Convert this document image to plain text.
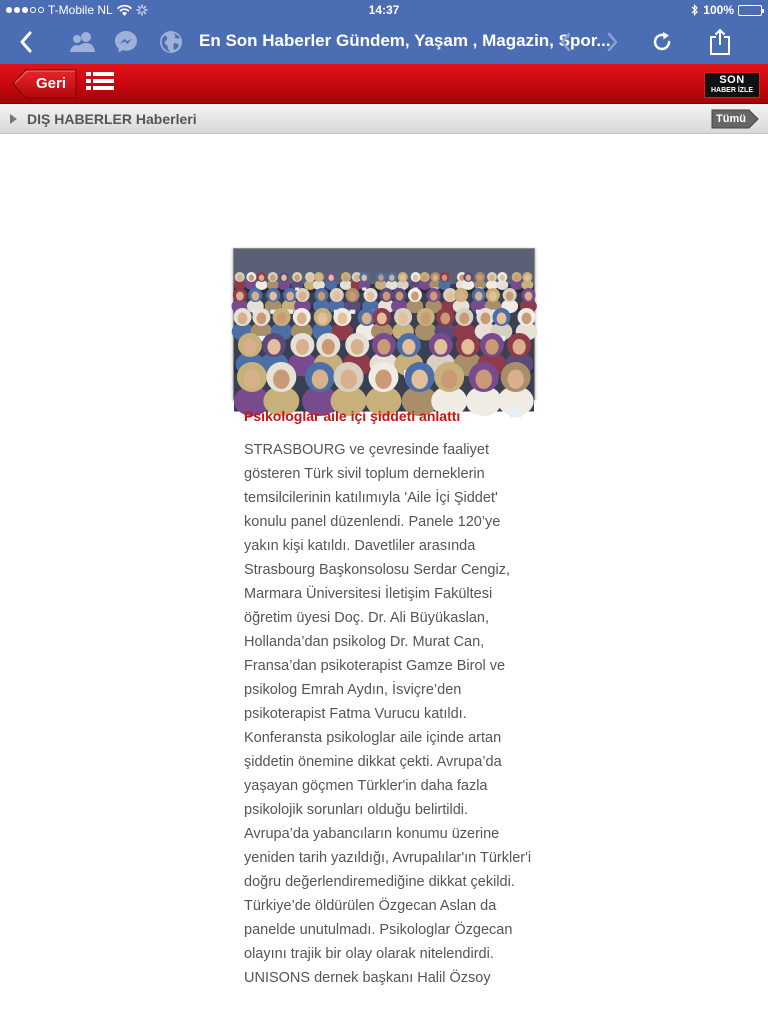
T-Mobile NL	14:37	100%
En Son Haberler Gündem, Yaşam , Magazin, Spor...
Geri	SON
HABER İZLE
DIŞ HABERLER Haberleri	Tümü
Psikologlar aile içi şiddeti anlattı

STRASBOURG ve çevresinde faaliyet gösteren Türk sivil toplum derneklerin temsilcilerinin katılımıyla 'Aile İçi Şiddet' konulu panel düzenlendi. Panele 120’ye yakın kişi katıldı. Davetliler arasında Strasbourg Başkonsolosu Serdar Cengiz, Marmara Üniversitesi İletişim Fakültesi öğretim üyesi Doç. Dr. Ali Büyükaslan, Hollanda’dan psikolog Dr. Murat Can, Fransa’dan psikoterapist Gamze Birol ve psikolog Emrah Aydın, İsviçre’den psikoterapist Fatma Vurucu katıldı.

Konferansta psikologlar aile içinde artan şiddetin önemine dikkat çekti. Avrupa’da yaşayan göçmen Türkler'in daha fazla psikolojik sorunları olduğu belirtildi. Avrupa’da yabancıların konumu üzerine yeniden tarih yazıldığı, Avrupalılar'ın Türkler'i doğru değerlendiremediğine dikkat çekildi.

Türkiye’de öldürülen Özgecan Aslan da panelde unutulmadı. Psikologlar Özgecan olayını trajik bir olay olarak nitelendirdi.

UNISONS dernek başkanı Halil Özsoy
